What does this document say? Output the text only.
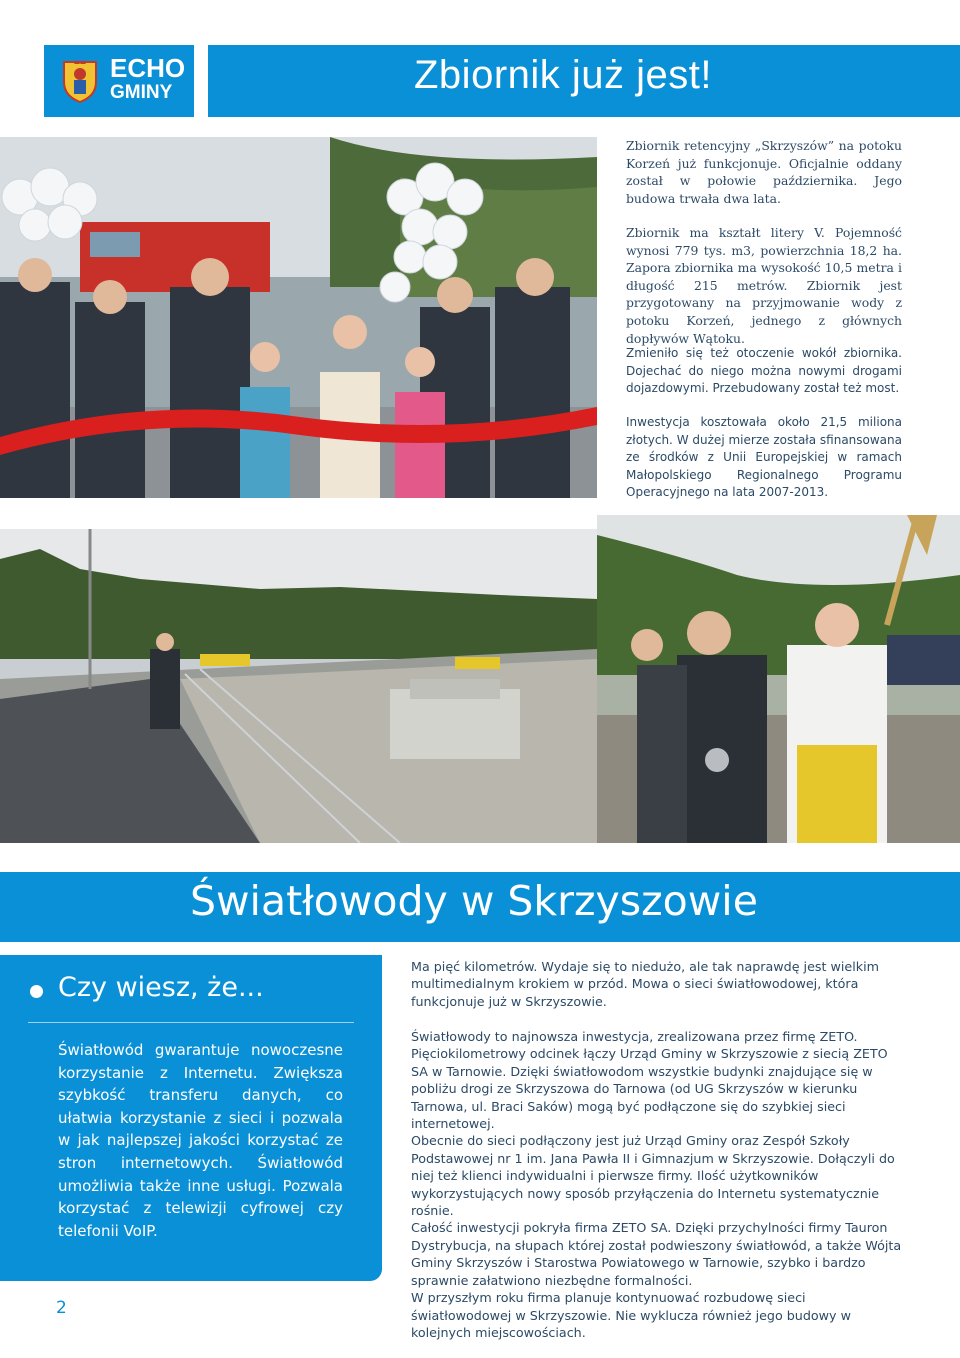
ECHO
GMINY	Zbiornik już jest!
Zbiornik retencyjny „Skrzyszów” na potoku Korzeń już funkcjonuje. Oficjalnie oddany został w połowie października. Jego budowa trwała dwa lata.
Zbiornik ma kształt litery V. Pojemność wynosi 779 tys. m3, powierzchnia 18,2 ha. Zapora zbiornika ma wysokość 10,5 metra i długość 215 metrów. Zbiornik jest przygotowany na przyjmowanie wody z potoku Korzeń, jednego z głównych dopływów Wątoku.
Zmieniło się też otoczenie wokół zbiornika. Dojechać do niego można nowymi drogami dojazdowymi. Przebudowany został też most.
Inwestycja kosztowała około 21,5 miliona złotych. W dużej mierze została sfinansowana ze środków z Unii Europejskiej w ramach Małopolskiego Regionalnego Programu Operacyjnego na lata 2007-2013.
Światłowody w Skrzyszowie
Czy wiesz, że...
Światłowód gwarantuje nowoczesne korzystanie z Internetu. Zwiększa szybkość transferu danych, co ułatwia korzystanie z sieci i pozwala w jak najlepszej jakości korzystać ze stron internetowych. Światłowód umożliwia także inne usługi. Pozwala korzystać z telewizji cyfrowej czy telefonii VoIP.
Ma pięć kilometrów. Wydaje się to niedużo, ale tak naprawdę jest wielkim multimedialnym krokiem w przód. Mowa o sieci światłowodowej, która funkcjonuje już w Skrzyszowie.
Światłowody to najnowsza inwestycja, zrealizowana przez firmę ZETO. Pięciokilometrowy odcinek łączy Urząd Gminy w Skrzyszowie z siecią ZETO SA w Tarnowie. Dzięki światłowodom wszystkie budynki znajdujące się w pobliżu drogi ze Skrzyszowa do Tarnowa (od UG Skrzyszów w kierunku Tarnowa, ul. Braci Saków) mogą być podłączone się do szybkiej sieci internetowej.
Obecnie do sieci podłączony jest już Urząd Gminy oraz Zespół Szkoły Podstawowej nr 1 im. Jana Pawła II i Gimnazjum w Skrzyszowie. Dołączyli do niej też klienci indywidualni i pierwsze firmy. Ilość użytkowników wykorzystujących nowy sposób przyłączenia do Internetu systematycznie rośnie.
Całość inwestycji pokryła firma ZETO SA. Dzięki przychylności firmy Tauron Dystrybucja, na słupach której został podwieszony światłowód, a także Wójta Gminy Skrzyszów i Starostwa Powiatowego w Tarnowie, szybko i bardzo sprawnie załatwiono niezbędne formalności.
W przyszłym roku firma planuje kontynuować rozbudowę sieci światłowodowej w Skrzyszowie. Nie wyklucza również jego budowy w kolejnych miejscowościach.
2
